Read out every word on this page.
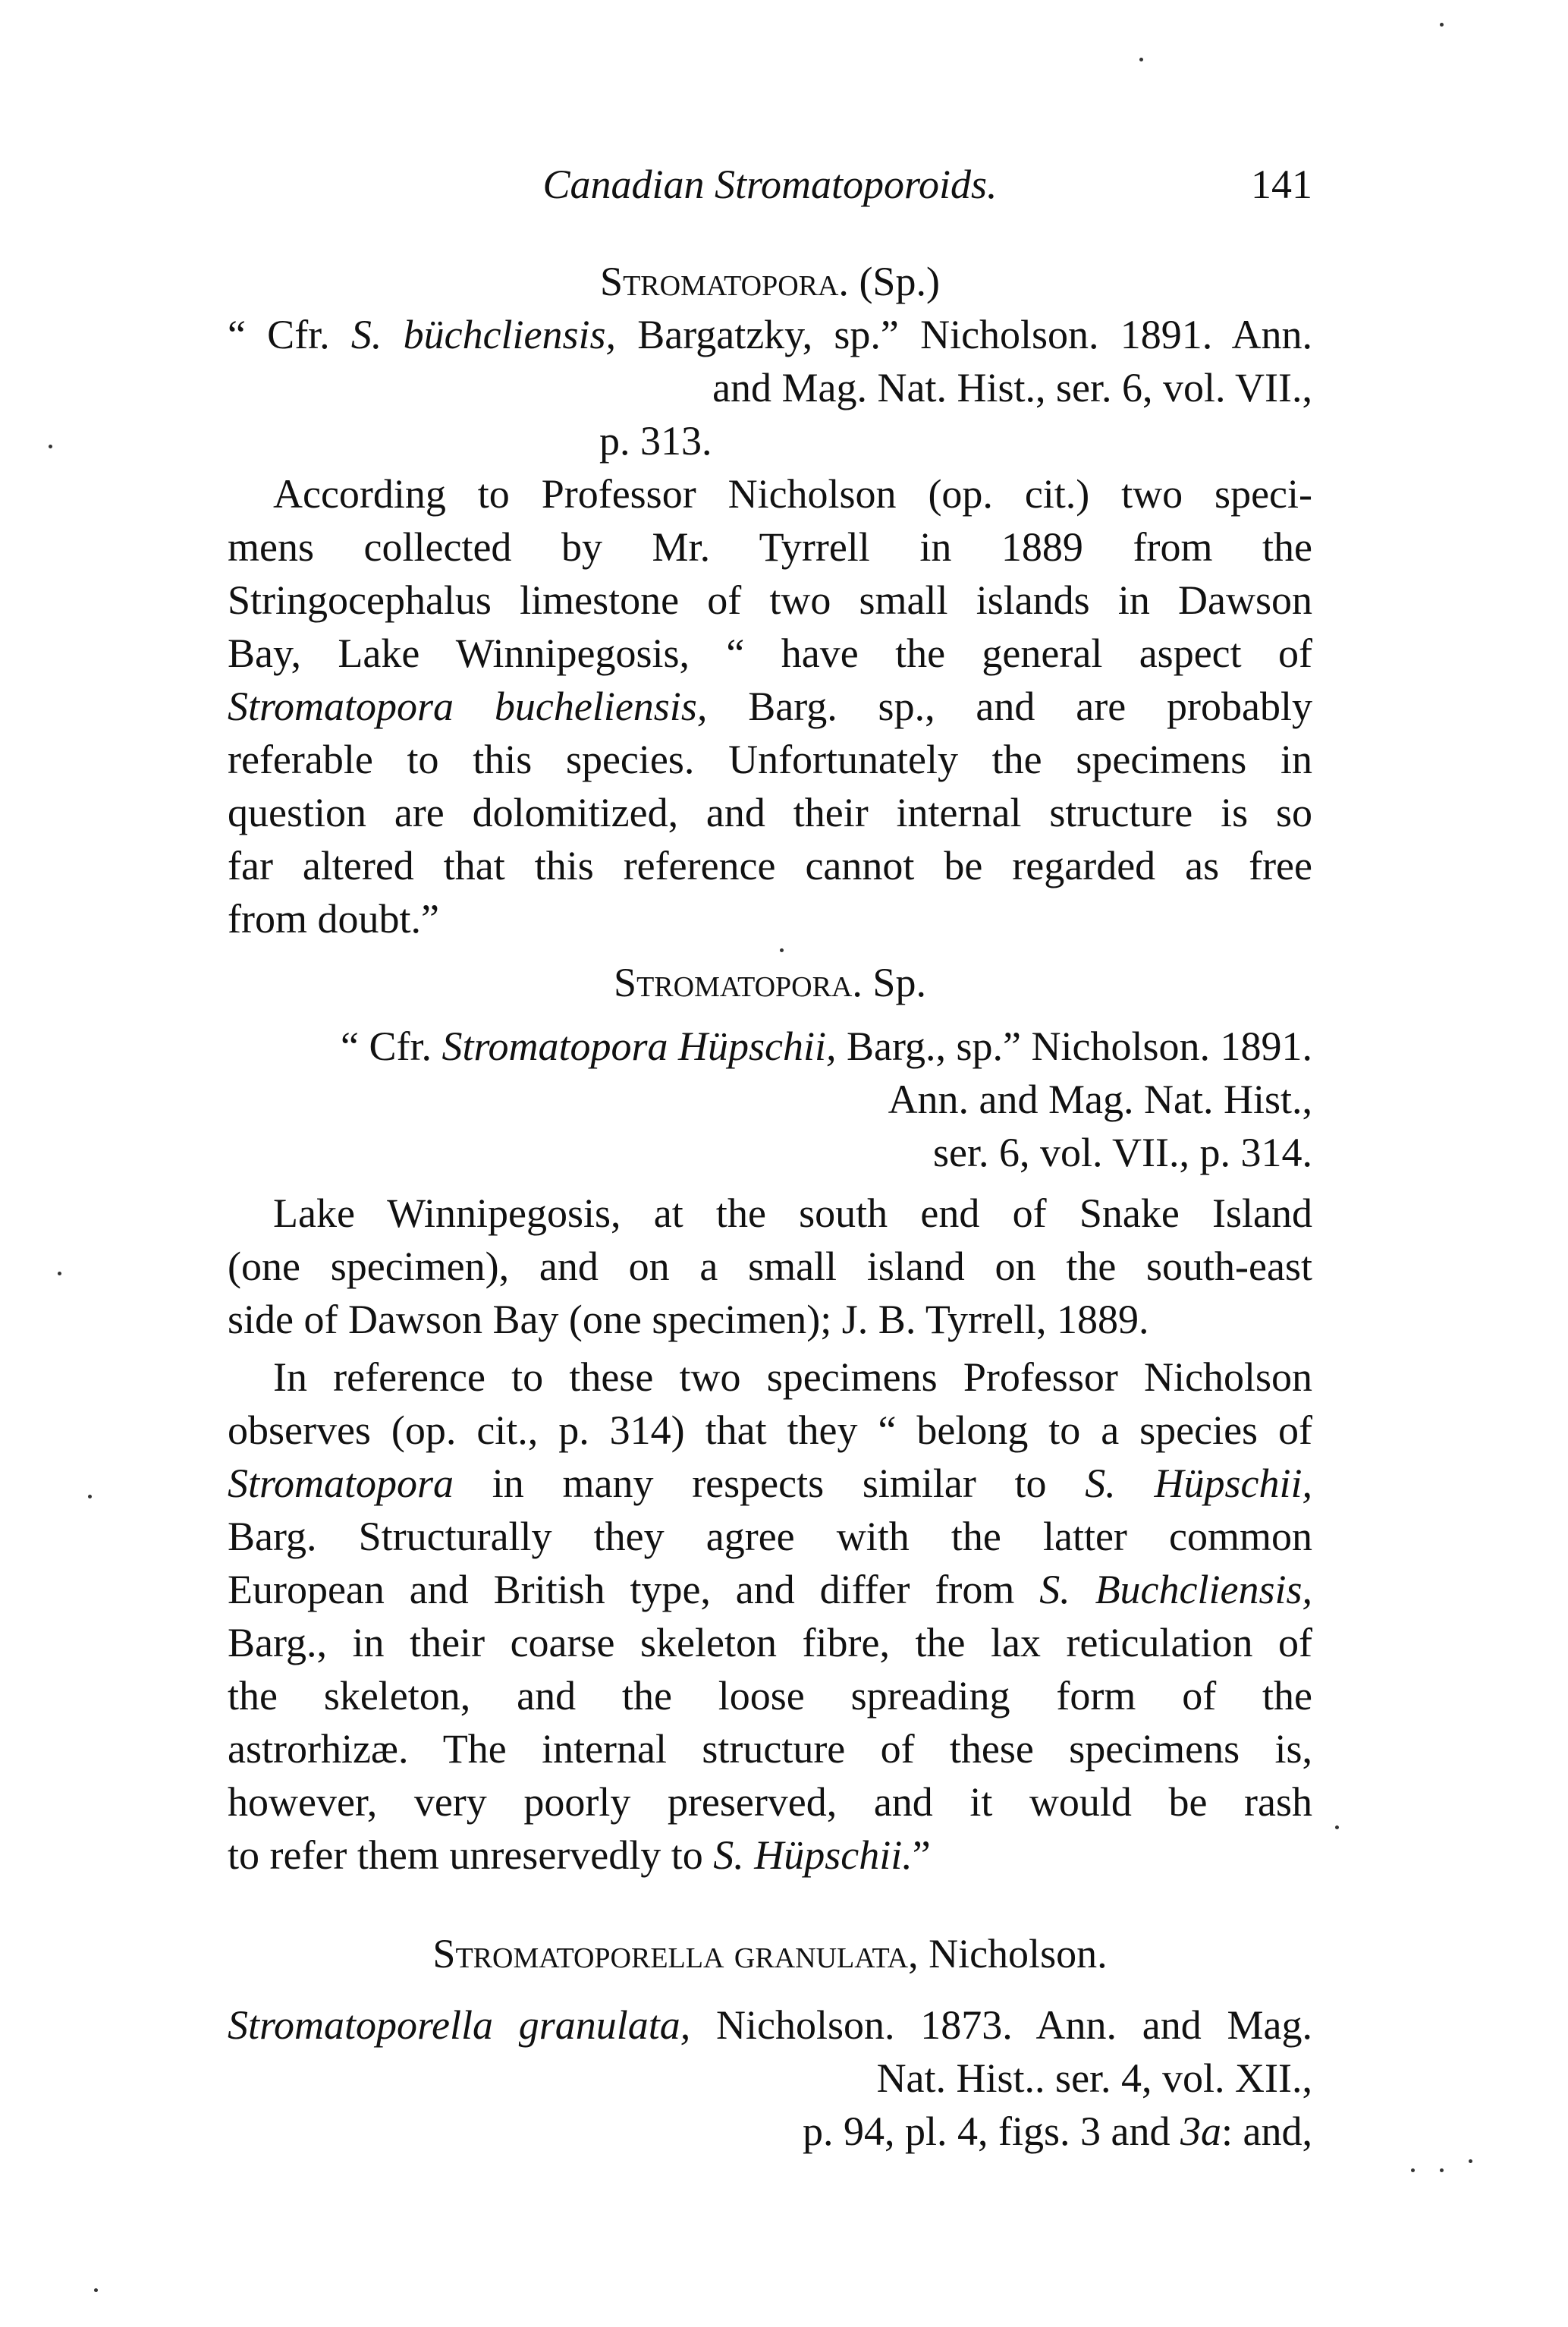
Canadian Stromatoporoids.	141
Stromatopora. (Sp.)
“ Cfr. S. büchcliensis, Bargatzky, sp.” Nicholson. 1891. Ann.
and Mag. Nat. Hist., ser. 6, vol. VII.,
p. 313.
According to Professor Nicholson (op. cit.) two speci-
mens collected by Mr. Tyrrell in 1889 from the
Stringocephalus limestone of two small islands in Dawson
Bay, Lake Winnipegosis, “ have the general aspect of
Stromatopora bucheliensis, Barg. sp., and are probably
referable to this species. Unfortunately the specimens in
question are dolomitized, and their internal structure is so
far altered that this reference cannot be regarded as free
from doubt.”
Stromatopora. Sp.
“ Cfr. Stromatopora Hüpschii, Barg., sp.” Nicholson. 1891.
Ann. and Mag. Nat. Hist.,
ser. 6, vol. VII., p. 314.
Lake Winnipegosis, at the south end of Snake Island
(one specimen), and on a small island on the south-east
side of Dawson Bay (one specimen); J. B. Tyrrell, 1889.
In reference to these two specimens Professor Nicholson
observes (op. cit., p. 314) that they “ belong to a species of
Stromatopora in many respects similar to S. Hüpschii,
Barg. Structurally they agree with the latter common
European and British type, and differ from S. Buchcliensis,
Barg., in their coarse skeleton fibre, the lax reticulation of
the skeleton, and the loose spreading form of the
astrorhizæ. The internal structure of these specimens is,
however, very poorly preserved, and it would be rash
to refer them unreservedly to S. Hüpschii.”
Stromatoporella granulata, Nicholson.
Stromatoporella granulata, Nicholson. 1873. Ann. and Mag.
Nat. Hist.. ser. 4, vol. XII.,
p. 94, pl. 4, figs. 3 and 3a: and,
